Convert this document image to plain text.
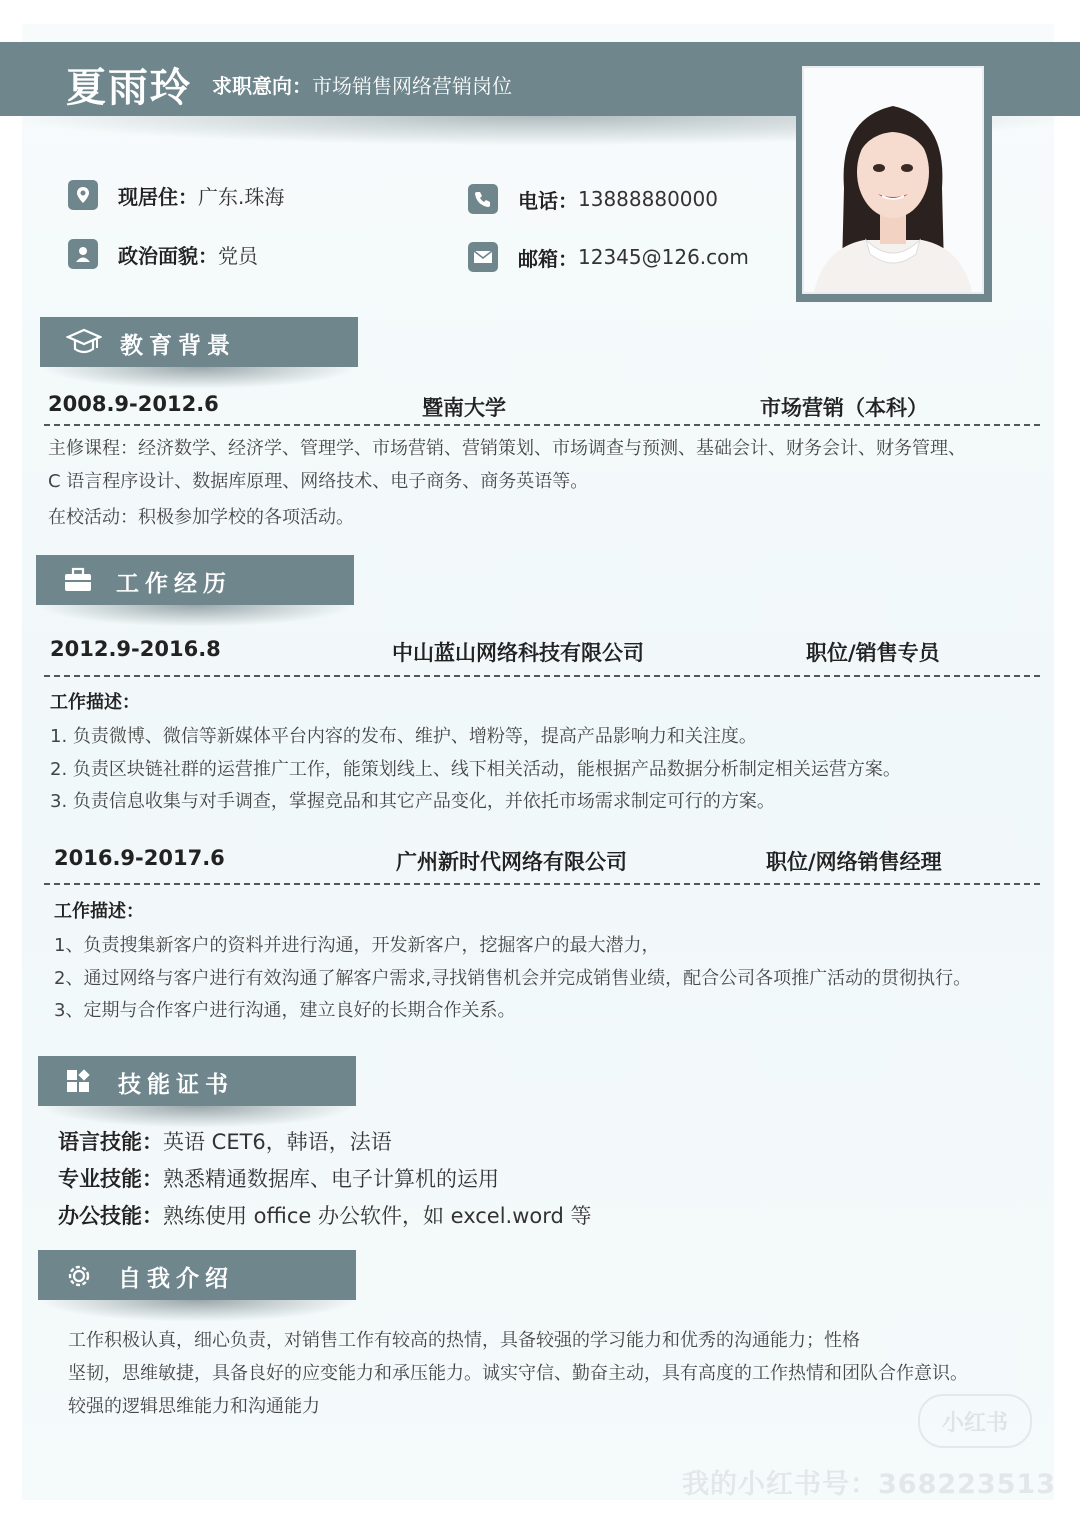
夏雨玲 求职意向：市场销售网络营销岗位
现居住： 广东.珠海
政治面貌： 党员
电话： 13888880000
邮箱： 12345@126.com
教育背景
2008.9-2012.6	暨南大学	市场营销（本科）
主修课程：经济数学、经济学、管理学、市场营销、营销策划、市场调查与预测、基础会计、财务会计、财务管理、
C 语言程序设计、数据库原理、网络技术、电子商务、商务英语等。
在校活动：积极参加学校的各项活动。
工作经历
2012.9-2016.8	中山蓝山网络科技有限公司	职位/销售专员
工作描述：
1. 负责微博、微信等新媒体平台内容的发布、维护、增粉等，提高产品影响力和关注度。
2. 负责区块链社群的运营推广工作，能策划线上、线下相关活动，能根据产品数据分析制定相关运营方案。
3. 负责信息收集与对手调查，掌握竞品和其它产品变化，并依托市场需求制定可行的方案。
2016.9-2017.6	广州新时代网络有限公司	职位/网络销售经理
工作描述：
1、负责搜集新客户的资料并进行沟通，开发新客户，挖掘客户的最大潜力，
2、通过网络与客户进行有效沟通了解客户需求,寻找销售机会并完成销售业绩，配合公司各项推广活动的贯彻执行。
3、定期与合作客户进行沟通，建立良好的长期合作关系。
技能证书
语言技能：英语 CET6，韩语，法语
专业技能：熟悉精通数据库、电子计算机的运用
办公技能：熟练使用 office 办公软件，如 excel.word 等
自我介绍
工作积极认真，细心负责，对销售工作有较高的热情，具备较强的学习能力和优秀的沟通能力；性格
坚韧，思维敏捷，具备良好的应变能力和承压能力。诚实守信、勤奋主动，具有高度的工作热情和团队合作意识。
较强的逻辑思维能力和沟通能力
小红书
我的小红书号：368223513
